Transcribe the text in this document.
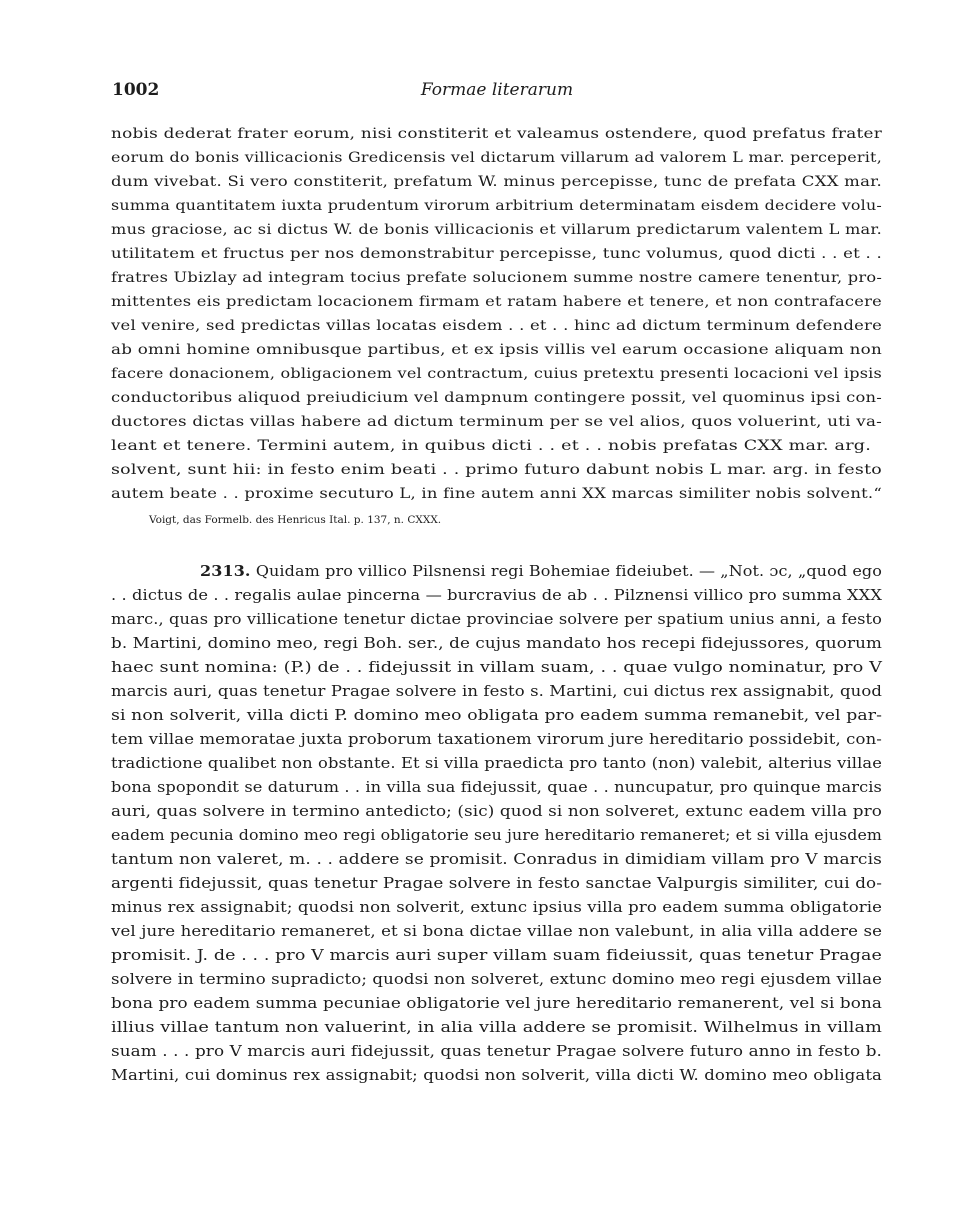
1002	Formae literarum
nobis dederat frater eorum, nisi constiterit et valeamus ostendere, quod prefatus frater
eorum do bonis villicacionis Gredicensis vel dictarum villarum ad valorem L mar. perceperit,
dum vivebat. Si vero constiterit, prefatum W. minus percepisse, tunc de prefata CXX mar.
summa quantitatem iuxta prudentum virorum arbitrium determinatam eisdem decidere volu-
mus graciose, ac si dictus W. de bonis villicacionis et villarum predictarum valentem L mar.
utilitatem et fructus per nos demonstrabitur percepisse, tunc volumus, quod dicti . . et . .
fratres Ubizlay ad integram tocius prefate solucionem summe nostre camere tenentur, pro-
mittentes eis predictam locacionem firmam et ratam habere et tenere, et non contrafacere
vel venire, sed predictas villas locatas eisdem . . et . . hinc ad dictum terminum defendere
ab omni homine omnibusque partibus, et ex ipsis villis vel earum occasione aliquam non
facere donacionem, obligacionem vel contractum, cuius pretextu presenti locacioni vel ipsis
conductoribus aliquod preiudicium vel dampnum contingere possit, vel quominus ipsi con-
ductores dictas villas habere ad dictum terminum per se vel alios, quos voluerint, uti va-
leant et tenere. Termini autem, in quibus dicti . . et . . nobis prefatas CXX mar. arg.
solvent, sunt hii: in festo enim beati . . primo futuro dabunt nobis L mar. arg. in festo
autem beate . . proxime secuturo L, in fine autem anni XX marcas similiter nobis solvent.“
Voigt, das Formelb. des Henricus Ital. p. 137, n. CXXX.
2313. Quidam pro villico Pilsnensi regi Bohemiae fideiubet. — „Not. ɔc, „quod ego
. . dictus de . . regalis aulae pincerna — burcravius de ab . . Pilznensi villico pro summa XXX
marc., quas pro villicatione tenetur dictae provinciae solvere per spatium unius anni, a festo
b. Martini, domino meo, regi Boh. ser., de cujus mandato hos recepi fidejussores, quorum
haec sunt nomina: (P.) de . . fidejussit in villam suam, . . quae vulgo nominatur, pro V
marcis auri, quas tenetur Pragae solvere in festo s. Martini, cui dictus rex assignabit, quod
si non solverit, villa dicti P. domino meo obligata pro eadem summa remanebit, vel par-
tem villae memoratae juxta proborum taxationem virorum jure hereditario possidebit, con-
tradictione qualibet non obstante. Et si villa praedicta pro tanto (non) valebit, alterius villae
bona spopondit se daturum . . in villa sua fidejussit, quae . . nuncupatur, pro quinque marcis
auri, quas solvere in termino antedicto; (sic) quod si non solveret, extunc eadem villa pro
eadem pecunia domino meo regi obligatorie seu jure hereditario remaneret; et si villa ejusdem
tantum non valeret, m. . . addere se promisit. Conradus in dimidiam villam pro V marcis
argenti fidejussit, quas tenetur Pragae solvere in festo sanctae Valpurgis similiter, cui do-
minus rex assignabit; quodsi non solverit, extunc ipsius villa pro eadem summa obligatorie
vel jure hereditario remaneret, et si bona dictae villae non valebunt, in alia villa addere se
promisit. J. de . . . pro V marcis auri super villam suam fideiussit, quas tenetur Pragae
solvere in termino supradicto; quodsi non solveret, extunc domino meo regi ejusdem villae
bona pro eadem summa pecuniae obligatorie vel jure hereditario remanerent, vel si bona
illius villae tantum non valuerint, in alia villa addere se promisit. Wilhelmus in villam
suam . . . pro V marcis auri fidejussit, quas tenetur Pragae solvere futuro anno in festo b.
Martini, cui dominus rex assignabit; quodsi non solverit, villa dicti W. domino meo obligata
